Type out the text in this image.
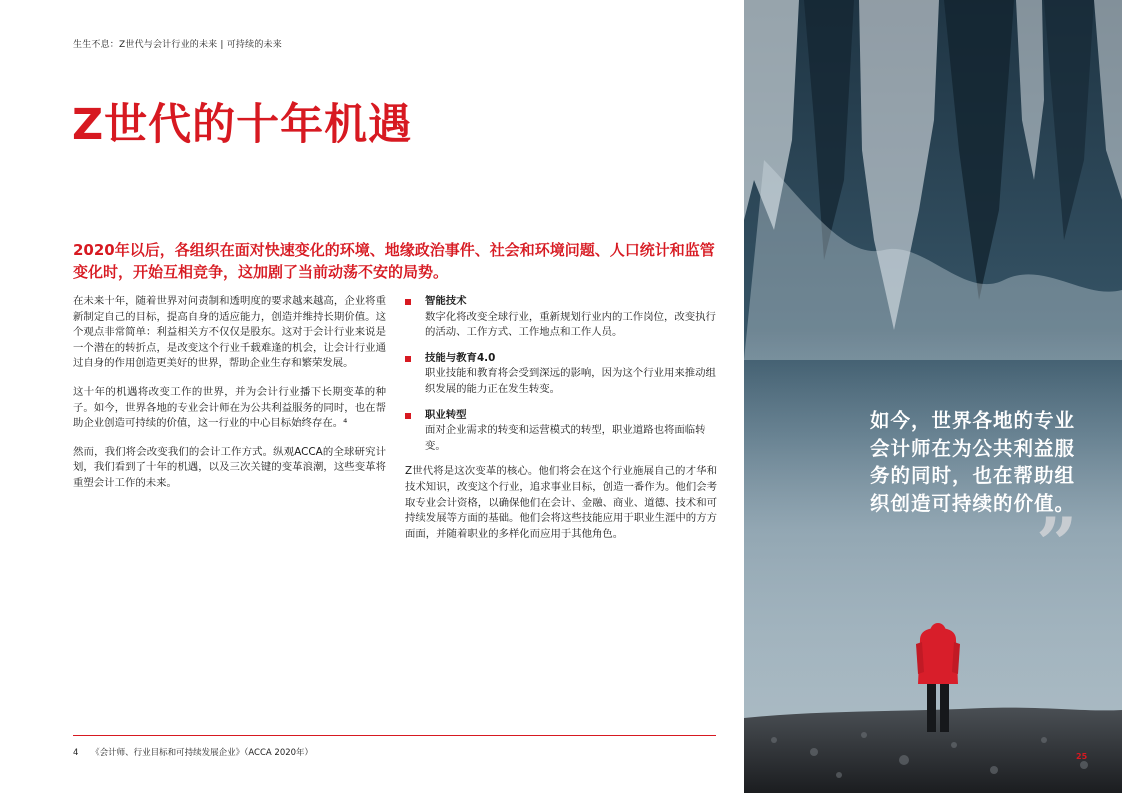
生生不息：Z世代与会计行业的未来 | 可持续的未来
Z世代的十年机遇

2020年以后，各组织在面对快速变化的环境、地缘政治事件、社会和环境问题、人口统计和监管变化时，开始互相竞争，这加剧了当前动荡不安的局势。

在未来十年，随着世界对问责制和透明度的要求越来越高，企业将重新制定自己的目标，提高自身的适应能力，创造并维持长期价值。这个观点非常简单：利益相关方不仅仅是股东。这对于会计行业来说是一个潜在的转折点，是改变这个行业千载难逢的机会，让会计行业通过自身的作用创造更美好的世界，帮助企业生存和繁荣发展。

这十年的机遇将改变工作的世界，并为会计行业播下长期变革的种子。如今，世界各地的专业会计师在为公共利益服务的同时，也在帮助企业创造可持续的价值，这一行业的中心目标始终存在。⁴

然而，我们将会改变我们的会计工作方式。纵观ACCA的全球研究计划，我们看到了十年的机遇，以及三次关键的变革浪潮，这些变革将重塑会计工作的未来。

智能技术
数字化将改变全球行业，重新规划行业内的工作岗位，改变执行的活动、工作方式、工作地点和工作人员。
技能与教育4.0
职业技能和教育将会受到深远的影响，因为这个行业用来推动组织发展的能力正在发生转变。
职业转型
面对企业需求的转变和运营模式的转型，职业道路也将面临转变。

Z世代将是这次变革的核心。他们将会在这个行业施展自己的才华和技术知识，改变这个行业，追求事业目标，创造一番作为。他们会考取专业会计资格，以确保他们在会计、金融、商业、道德、技术和可持续发展等方面的基础。他们会将这些技能应用于职业生涯中的方方面面，并随着职业的多样化而应用于其他角色。

4 《会计师、行业目标和可持续发展企业》（ACCA 2020年）	25

如今，世界各地的专业会计师在为公共利益服务的同时，也在帮助组织创造可持续的价值。

”
